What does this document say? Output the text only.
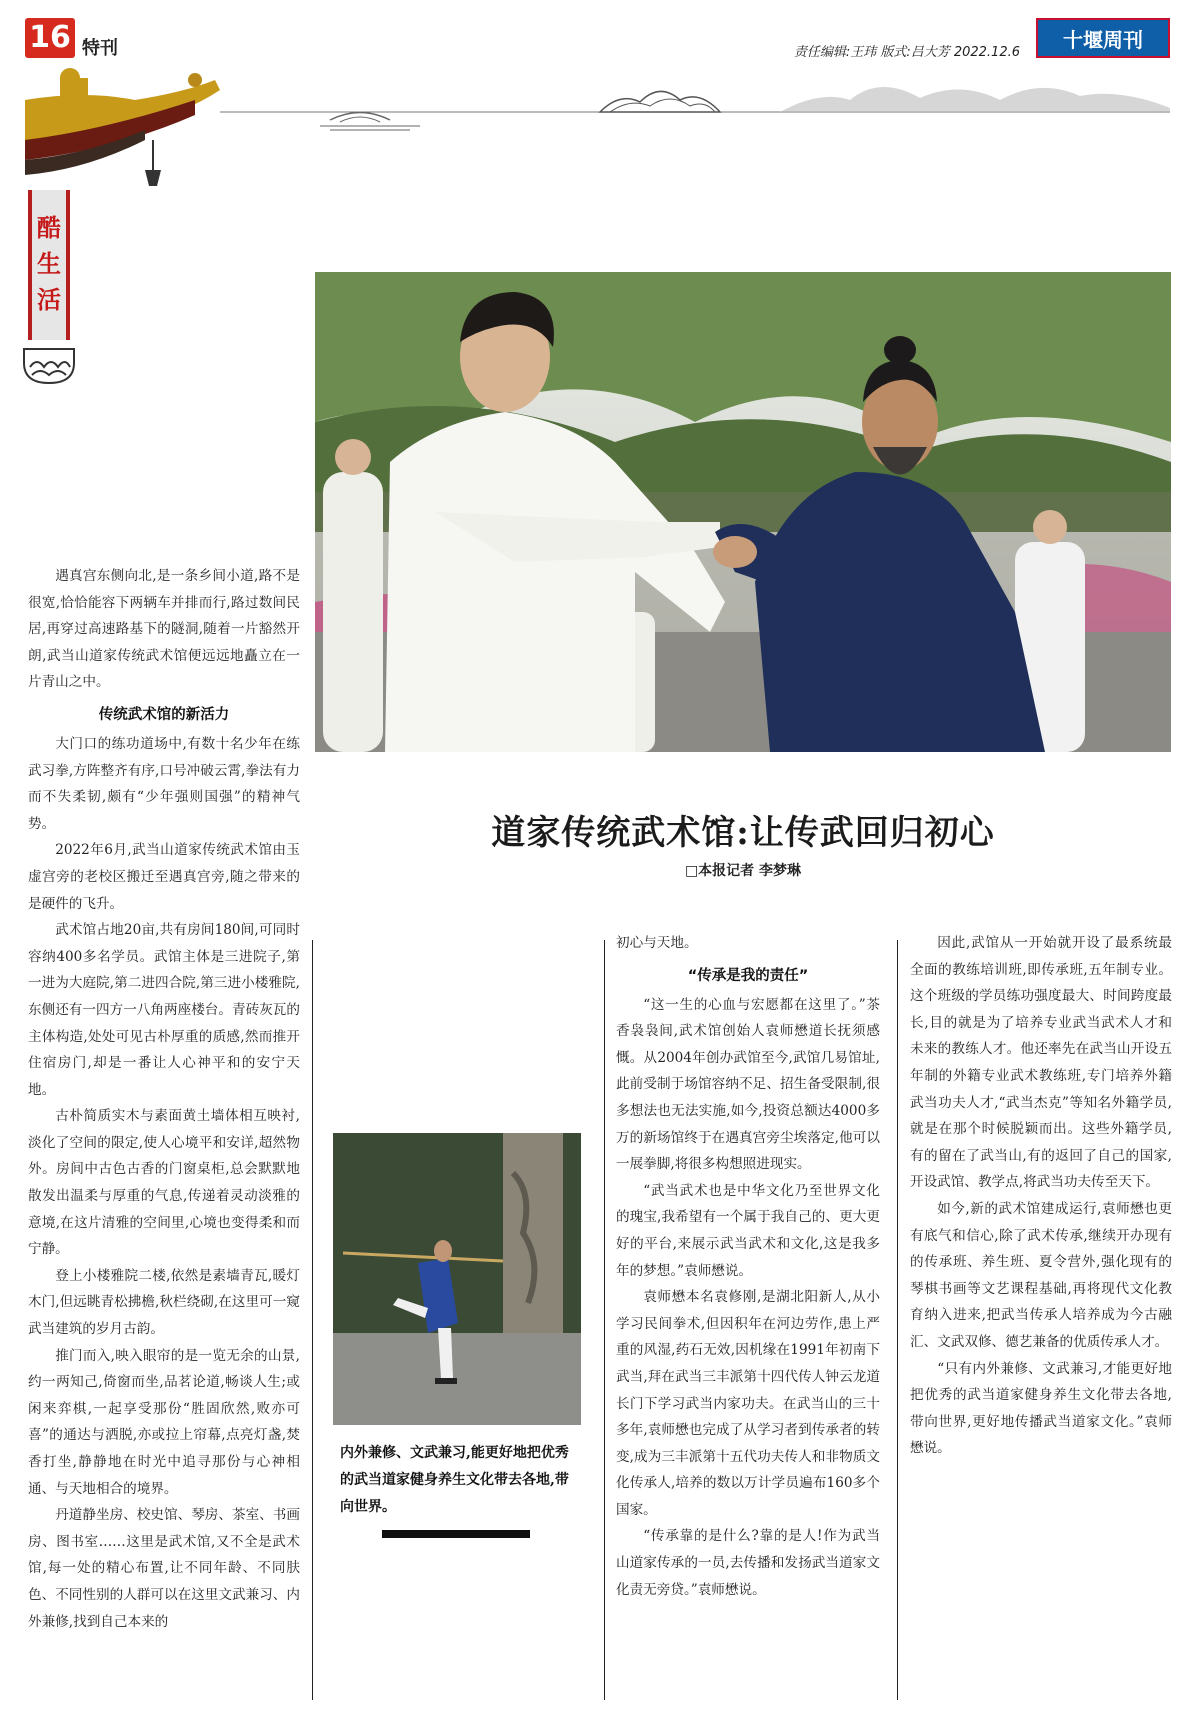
16 特刊	责任编辑:王玮 版式:吕大芳 2022.12.6
十堰周刊
酷
生
活
道家传统武术馆:让传武回归初心
□本报记者 李梦琳

遇真宫东侧向北,是一条乡间小道,路不是很宽,恰恰能容下两辆车并排而行,路过数间民居,再穿过高速路基下的隧洞,随着一片豁然开朗,武当山道家传统武术馆便远远地矗立在一片青山之中。

传统武术馆的新活力

大门口的练功道场中,有数十名少年在练武习拳,方阵整齐有序,口号冲破云霄,拳法有力而不失柔韧,颇有“少年强则国强”的精神气势。

2022年6月,武当山道家传统武术馆由玉虚宫旁的老校区搬迁至遇真宫旁,随之带来的是硬件的飞升。

武术馆占地20亩,共有房间180间,可同时容纳400多名学员。武馆主体是三进院子,第一进为大庭院,第二进四合院,第三进小楼雅院,东侧还有一四方一八角两座楼台。青砖灰瓦的主体构造,处处可见古朴厚重的质感,然而推开住宿房门,却是一番让人心神平和的安宁天地。

古朴简质实木与素面黄土墙体相互映衬,淡化了空间的限定,使人心境平和安详,超然物外。房间中古色古香的门窗桌柜,总会默默地散发出温柔与厚重的气息,传递着灵动淡雅的意境,在这片清雅的空间里,心境也变得柔和而宁静。

登上小楼雅院二楼,依然是素墙青瓦,暖灯木门,但远眺青松拂檐,秋栏绕砌,在这里可一窥武当建筑的岁月古韵。

推门而入,映入眼帘的是一览无余的山景,约一两知己,倚窗而坐,品茗论道,畅谈人生;或闲来弈棋,一起享受那份“胜固欣然,败亦可喜”的通达与洒脱,亦或拉上帘幕,点亮灯盏,焚香打坐,静静地在时光中追寻那份与心神相通、与天地相合的境界。

丹道静坐房、校史馆、琴房、茶室、书画房、图书室……这里是武术馆,又不全是武术馆,每一处的精心布置,让不同年龄、不同肤色、不同性别的人群可以在这里文武兼习、内外兼修,找到自己本来的

内外兼修、文武兼习,能更好地把优秀的武当道家健身养生文化带去各地,带向世界。

初心与天地。

“传承是我的责任”

“这一生的心血与宏愿都在这里了。”茶香袅袅间,武术馆创始人袁师懋道长抚须感慨。从2004年创办武馆至今,武馆几易馆址,此前受制于场馆容纳不足、招生备受限制,很多想法也无法实施,如今,投资总额达4000多万的新场馆终于在遇真宫旁尘埃落定,他可以一展拳脚,将很多构想照进现实。

“武当武术也是中华文化乃至世界文化的瑰宝,我希望有一个属于我自己的、更大更好的平台,来展示武当武术和文化,这是我多年的梦想。”袁师懋说。

袁师懋本名袁修刚,是湖北阳新人,从小学习民间拳术,但因积年在河边劳作,患上严重的风湿,药石无效,因机缘在1991年初南下武当,拜在武当三丰派第十四代传人钟云龙道长门下学习武当内家功夫。在武当山的三十多年,袁师懋也完成了从学习者到传承者的转变,成为三丰派第十五代功夫传人和非物质文化传承人,培养的数以万计学员遍布160多个国家。

“传承靠的是什么?靠的是人!作为武当山道家传承的一员,去传播和发扬武当道家文化责无旁贷。”袁师懋说。

因此,武馆从一开始就开设了最系统最全面的教练培训班,即传承班,五年制专业。这个班级的学员练功强度最大、时间跨度最长,目的就是为了培养专业武当武术人才和未来的教练人才。他还率先在武当山开设五年制的外籍专业武术教练班,专门培养外籍武当功夫人才,“武当杰克”等知名外籍学员,就是在那个时候脱颖而出。这些外籍学员,有的留在了武当山,有的返回了自己的国家,开设武馆、教学点,将武当功夫传至天下。

如今,新的武术馆建成运行,袁师懋也更有底气和信心,除了武术传承,继续开办现有的传承班、养生班、夏令营外,强化现有的琴棋书画等文艺课程基础,再将现代文化教育纳入进来,把武当传承人培养成为今古融汇、文武双修、德艺兼备的优质传承人才。

“只有内外兼修、文武兼习,才能更好地把优秀的武当道家健身养生文化带去各地,带向世界,更好地传播武当道家文化。”袁师懋说。
